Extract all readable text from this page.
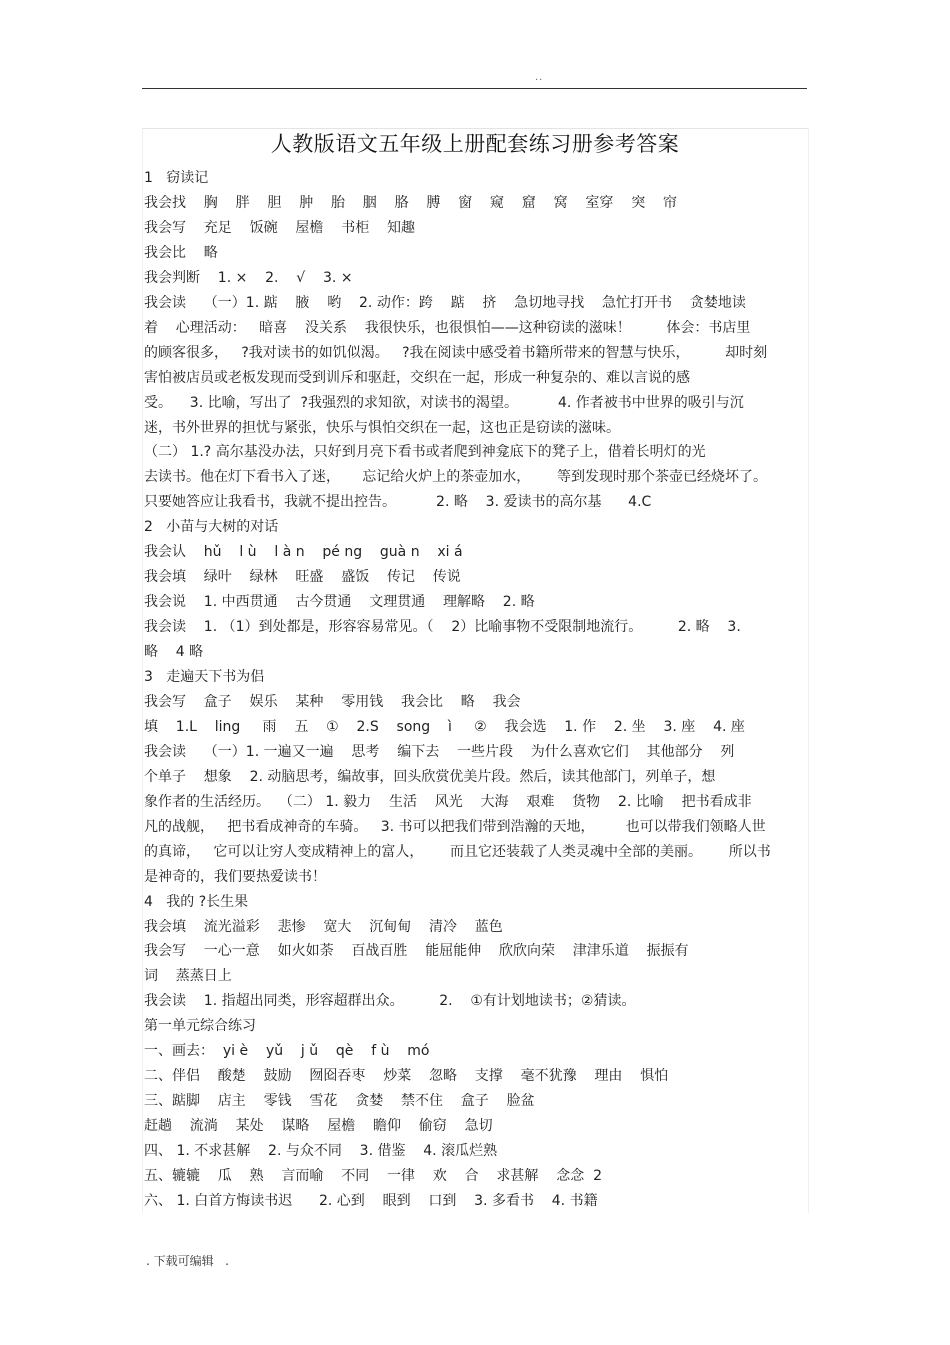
..
人教版语文五年级上册配套练习册参考答案
1   窃读记
我会找    胸    胖    胆    肿    胎    胭    胳    膊    窗    窥    窟    窝    室穿    突    帘
我会写    充足    饭碗    屋檐    书柜    知趣
我会比    略
我会判断    1. ×    2.    √    3. ×
我会读    （一）1. 踮    腋    哟    2. 动作：跨    踮    挤    急切地寻找    急忙打开书    贪婪地读
着    心理活动：   暗喜    没关系    我很快乐，也很惧怕——这种窃读的滋味！        体会：书店里
的顾客很多，   ?我对读书的如饥似渴。   ?我在阅读中感受着书籍所带来的智慧与快乐，        却时刻
害怕被店员或老板发现而受到训斥和驱赶，交织在一起，形成一种复杂的、难以言说的感
受。    3. 比喻，写出了  ?我强烈的求知欲，对读书的渴望。         4. 作者被书中世界的吸引与沉
迷，书外世界的担忧与紧张，快乐与惧怕交织在一起，这也正是窃读的滋味。
（二） 1.? 高尔基没办法，只好到月亮下看书或者爬到神龛底下的凳子上，借着长明灯的光
去读书。他在灯下看书入了迷，     忘记给火炉上的茶壶加水，      等到发现时那个茶壶已经烧坏了。
只要她答应让我看书，我就不提出控告。         2. 略    3. 爱读书的高尔基      4.C
2   小苗与大树的对话
我会认    hǔ    l ù    l à n    pé ng    guà n    xi á
我会填    绿叶    绿林    旺盛    盛饭    传记    传说
我会说    1. 中西贯通    古今贯通    文理贯通    理解略    2. 略
我会读    1. （1）到处都是，形容容易常见。（    2）比喻事物不受限制地流行。        2. 略    3.
略    4 略
3   走遍天下书为侣
我会写    盒子    娱乐    某种    零用钱    我会比    略    我会
填    1.L    ling     雨    五    ①    2.S    song    ì     ②    我会选    1. 作    2. 坐    3. 座    4. 座
我会读    （一）1. 一遍又一遍    思考    编下去    一些片段    为什么喜欢它们    其他部分    列
个单子    想象    2. 动脑思考，编故事，回头欣赏优美片段。然后，读其他部门，列单子，想
象作者的生活经历。  （二） 1. 毅力    生活    风光    大海    艰难    货物    2. 比喻    把书看成非
凡的战舰，   把书看成神奇的车骑。   3. 书可以把我们带到浩瀚的天地，       也可以带我们领略人世
的真谛，   它可以让穷人变成精神上的富人，      而且它还装载了人类灵魂中全部的美丽。      所以书
是神奇的，我们要热爱读书！
4   我的 ?长生果
我会填    流光溢彩    悲惨    宽大    沉甸甸    清冷    蓝色
我会写    一心一意    如火如荼    百战百胜    能屈能伸    欣欣向荣    津津乐道    振振有
词    蒸蒸日上
我会读    1. 指超出同类，形容超群出众。        2.    ①有计划地读书；②猜读。
第一单元综合练习
一、画去：  yi è    yǔ    j ǔ    qè    f ù    mó
二、伴侣    酸楚    鼓励    囫囵吞枣    炒菜    忽略    支撑    毫不犹豫    理由    惧怕
三、踮脚    店主    零钱    雪花    贪婪    禁不住    盒子    脸盆
赶趟    流淌    某处    谋略    屋檐    瞻仰    偷窃    急切
四、 1. 不求甚解    2. 与众不同    3. 借鉴    4. 滚瓜烂熟
五、辘辘    瓜    熟    言而喻    不同    一律    欢    合    求甚解    念念  2
六、 1. 白首方悔读书迟      2. 心到    眼到    口到    3. 多看书    4. 书籍
. 下载可编辑   .
